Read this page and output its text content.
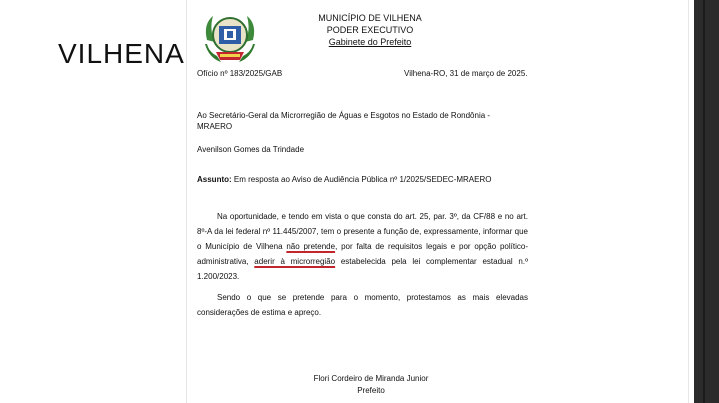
VILHENA
MUNICÍPIO DE VILHENA
PODER EXECUTIVO
Gabinete do Prefeito
Ofício nº 183/2025/GAB	Vilhena-RO, 31 de março de 2025.
Ao Secretário-Geral da Microrregião de Águas e Esgotos no Estado de Rondônia - MRAERO
Avenilson Gomes da Trindade
Assunto: Em resposta ao Aviso de Audiência Pública nº 1/2025/SEDEC-MRAERO
Na oportunidade, e tendo em vista o que consta do art. 25, par. 3º, da CF/88 e no art. 8º-A da lei federal nº 11.445/2007, tem o presente a função de, expressamente, informar que o Município de Vilhena não pretende, por falta de requisitos legais e por opção político-administrativa, aderir à microrregião estabelecida pela lei complementar estadual n.º 1.200/2023.
Sendo o que se pretende para o momento, protestamos as mais elevadas considerações de estima e apreço.
Flori Cordeiro de Miranda Junior
Prefeito
